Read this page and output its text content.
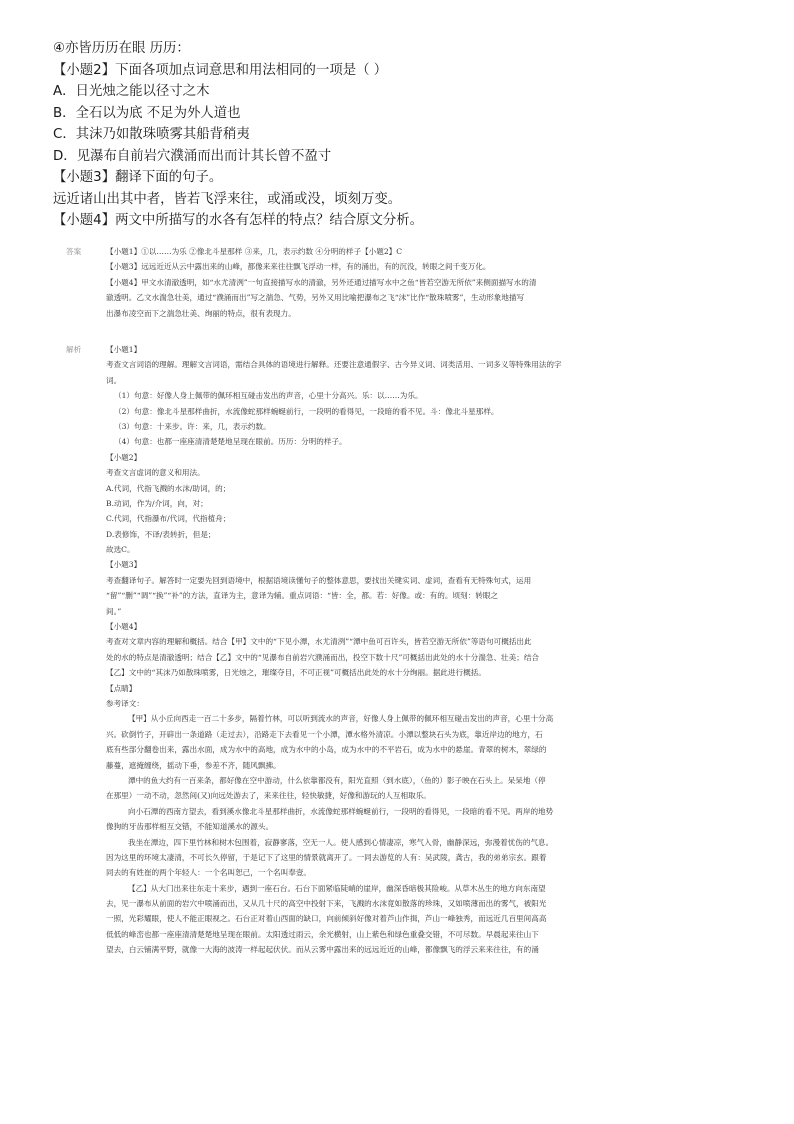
④亦皆历历在眼 历历：
【小题2】下面各项加点词意思和用法相同的一项是（ ）
A．日光烛之能以径寸之木
B．全石以为底 不足为外人道也
C．其沫乃如散珠喷雾其船背稍夷
D．见瀑布自前岩穴濮涌而出而计其长曾不盈寸
【小题3】翻译下面的句子。
远近诸山出其中者，皆若飞浮来往，或涌或没，顷刻万变。
【小题4】两文中所描写的水各有怎样的特点？结合原文分析。
答案	【小题1】①以……为乐 ②像北斗星那样 ③来，几，表示约数 ④分明的样子【小题2】C
【小题3】远远近近从云中露出来的山峰，都像来来往往飘飞浮动一样，有的涌出，有的沉没，转眼之间千变万化。
【小题4】甲文水清澈透明，如“水尤清洌”一句直接描写水的清澈，另外还通过描写水中之鱼“皆若空游无所依”来侧面描写水的清
澈透明。乙文水湍急壮美，通过“濮涌而出”写之湍急、气势，另外又用比喻把瀑布之飞“沫”比作“散珠喷雾”，生动形象地描写
出瀑布凌空而下之湍急壮美、绚丽的特点，很有表现力。
解析	【小题1】
考查文言词语的理解。理解文言词语，需结合具体的语境进行解释。还要注意通假字、古今异义词、词类活用、一词多义等特殊用法的字
词。
（1）句意：好像人身上佩带的佩环相互碰击发出的声音，心里十分高兴。乐：以……为乐。
（2）句意：像北斗星那样曲折，水流像蛇那样蜿蜒前行，一段明的看得见，一段暗的看不见。斗：像北斗星那样。
（3）句意：十来步。许：来，几，表示约数。
（4）句意：也都一座座清清楚楚地呈现在眼前。历历：分明的样子。
【小题2】
考查文言虚词的意义和用法。
A.代词，代指飞溅的水沫/助词，的；
B.动词，作为/介词，向，对；
C.代词，代指瀑布/代词，代指植舟；
D.表修饰，不译/表转折，但是；
故选C。
【小题3】
考查翻译句子。解答时一定要先回到语境中，根据语境读懂句子的整体意思，要找出关键实词、虚词，查看有无特殊句式，运用
“留”“删”“调”“换”“补”的方法，直译为主，意译为辅。重点词语：“皆：全，都。若：好像。或：有的。顷刻：转眼之
间。”
【小题4】
考查对文章内容的理解和概括。结合【甲】文中的“下见小潭，水尤清洌”“潭中鱼可百许头，皆若空游无所依”等语句可概括出此
处的水的特点是清澈透明；结合【乙】文中的“见瀑布自前岩穴濮涌而出，投空下数十尺”可概括出此处的水十分湍急、壮美；结合
【乙】文中的“其沫乃如散珠喷雾，日光烛之，璀璨夺目，不可正视”可概括出此处的水十分绚丽。据此进行概括。
【点睛】
参考译文：
【甲】从小丘向西走一百二十多步，隔着竹林，可以听到流水的声音，好像人身上佩带的佩环相互碰击发出的声音，心里十分高
兴。砍倒竹子，开辟出一条道路（走过去），沿路走下去看见一个小潭，潭水格外清凉。小潭以整块石头为底，靠近岸边的地方，石
底有些部分翻卷出来，露出水面，成为水中的高地，成为水中的小岛，成为水中的不平岩石，成为水中的悬崖。青翠的树木，翠绿的
藤蔓，遮掩缠绕，摇动下垂，参差不齐，随风飘拂。
潭中的鱼大约有一百来条，都好像在空中游动，什么依靠都没有，阳光直照（到水底），（鱼的）影子映在石头上。呆呆地（停
在那里）一动不动，忽然间(又)向远处游去了，来来往往，轻快敏捷，好像和游玩的人互相取乐。
向小石潭的西南方望去，看到溪水像北斗星那样曲折，水流像蛇那样蜿蜒前行，一段明的看得见，一段暗的看不见。两岸的地势
像狗的牙齿那样相互交错，不能知道溪水的源头。
我坐在潭边，四下里竹林和树木包围着，寂静寥落，空无一人。使人感到心情凄凉，寒气入骨，幽静深远，弥漫着忧伤的气息。
因为这里的环境太凄清，不可长久停留，于是记下了这里的情景就离开了。一同去游览的人有：吴武陵，龚古，我的弟弟宗玄。跟着
同去的有姓崔的两个年轻人：一个名叫恕己，一个名叫奉壹。
【乙】从大门出来往东走十来步，遇到一座石台。石台下面紧临陡峭的崖岸，幽深昏暗极其险峻。从草木丛生的地方向东南望
去，见一瀑布从前面的岩穴中喷涌而出，又从几十尺的高空中投射下来，飞溅的水沫竟如散落的珍珠，又如喷薄而出的雾气，被阳光
一照，光彩耀眼，使人不能正眼视之。石台正对着山西面的缺口，向前倾斜好像对着芦山作揖，芦山一峰独秀，而远近几百里间高高
低低的峰峦也都一座座清清楚楚地呈现在眼前。太阳透过雨云，余光横射，山上紫色和绿色重叠交错，不可尽数。早晨起来往山下
望去，白云铺满平野，就像一大海的波涛一样起起伏伏。而从云雾中露出来的远远近近的山峰，都像飘飞的浮云来来往往，有的涌
